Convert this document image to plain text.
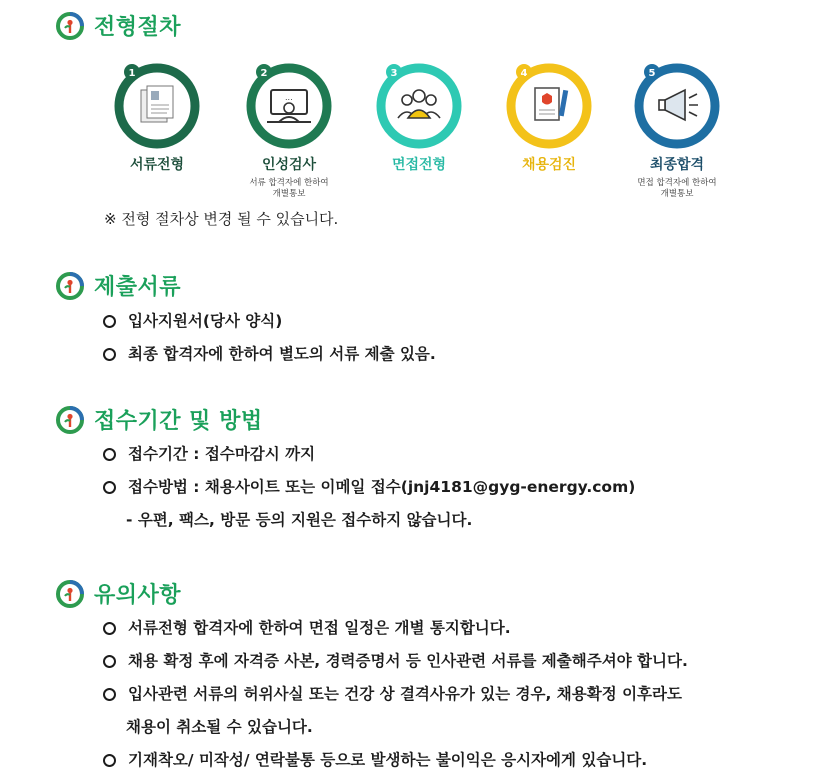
전형절차
1
서류전형
...
2
인성검사
서류 합격자에 한하여
개별통보
3
면접전형
4
채용검진
5
최종합격
면접 합격자에 한하여
개별통보
※ 전형 절차상 변경 될 수 있습니다.
제출서류
입사지원서(당사 양식)
최종 합격자에 한하여 별도의 서류 제출 있음.
접수기간 및 방법
접수기간 : 접수마감시 까지
접수방법 : 채용사이트 또는 이메일 접수(jnj4181@gyg-energy.com)
- 우편, 팩스, 방문 등의 지원은 접수하지 않습니다.
유의사항
서류전형 합격자에 한하여 면접 일정은 개별 통지합니다.
채용 확정 후에 자격증 사본, 경력증명서 등 인사관련 서류를 제출해주셔야 합니다.
입사관련 서류의 허위사실 또는 건강 상 결격사유가 있는 경우, 채용확정 이후라도
채용이 취소될 수 있습니다.
기재착오/ 미작성/ 연락불통 등으로 발생하는 불이익은 응시자에게 있습니다.
